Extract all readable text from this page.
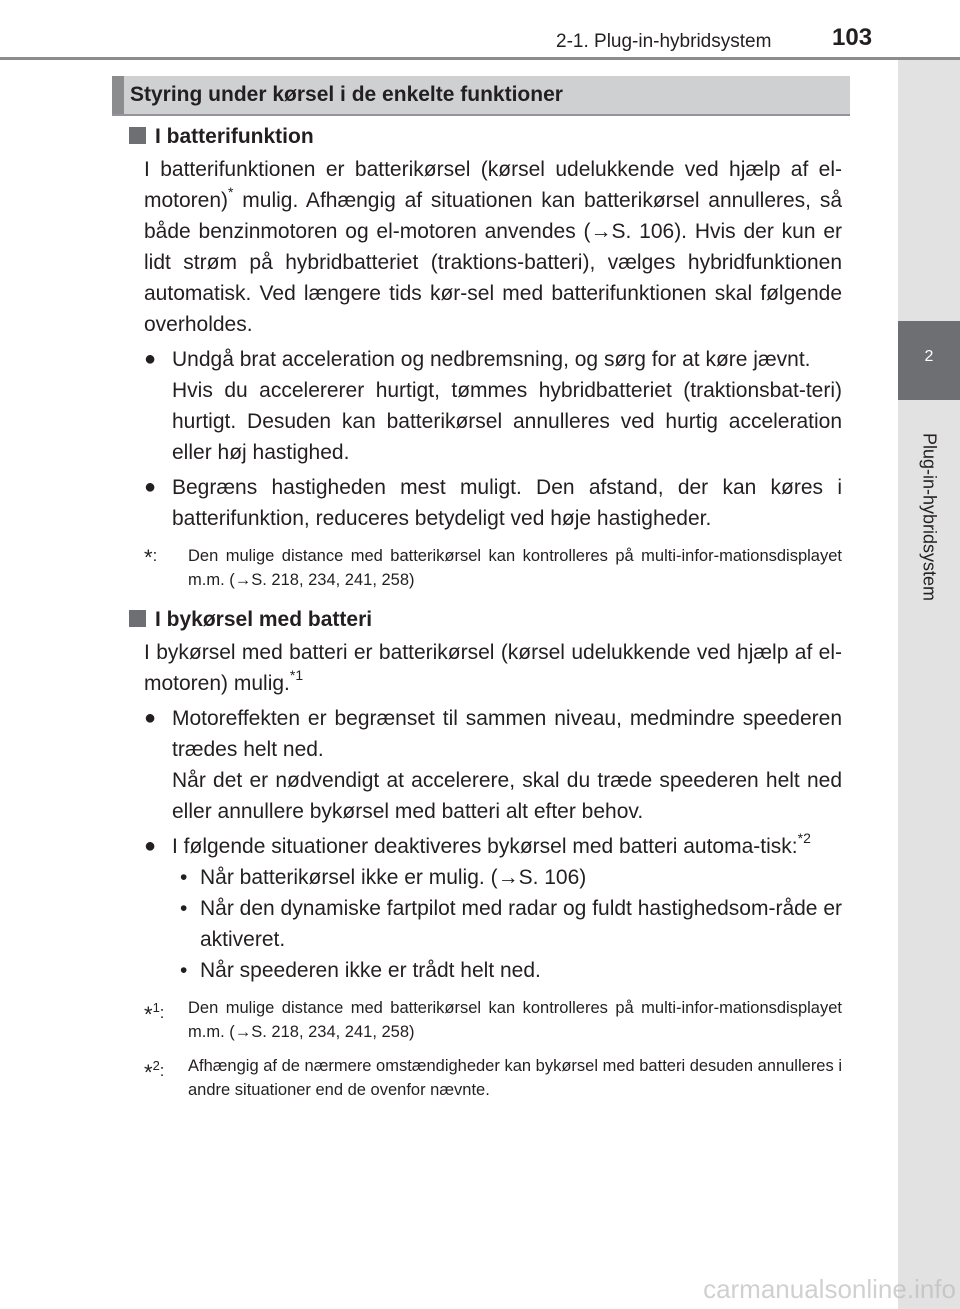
2-1. Plug-in-hybridsystem	103
2
Plug-in-hybridsystem
Styring under kørsel i de enkelte funktioner
I batterifunktion
I batterifunktionen er batterikørsel (kørsel udelukkende ved hjælp af el-motoren)* mulig. Afhængig af situationen kan batterikørsel annulleres, så både benzinmotoren og el-motoren anvendes (→S. 106). Hvis der kun er lidt strøm på hybridbatteriet (traktions-batteri), vælges hybridfunktionen automatisk. Ved længere tids kør-sel med batterifunktionen skal følgende overholdes.
● Undgå brat acceleration og nedbremsning, og sørg for at køre jævnt.
Hvis du accelererer hurtigt, tømmes hybridbatteriet (traktionsbat-teri) hurtigt. Desuden kan batterikørsel annulleres ved hurtig acceleration eller høj hastighed.
● Begræns hastigheden mest muligt. Den afstand, der kan køres i batterifunktion, reduceres betydeligt ved høje hastigheder.
*:	Den mulige distance med batterikørsel kan kontrolleres på multi-infor-mationsdisplayet m.m. (→S. 218, 234, 241, 258)
I bykørsel med batteri
I bykørsel med batteri er batterikørsel (kørsel udelukkende ved hjælp af el-motoren) mulig.$^{*1}$
● Motoreffekten er begrænset til sammen niveau, medmindre speederen trædes helt ned.
Når det er nødvendigt at accelerere, skal du træde speederen helt ned eller annullere bykørsel med batteri alt efter behov.
● I følgende situationer deaktiveres bykørsel med batteri automa-tisk:$^{*2}$
• Når batterikørsel ikke er mulig. (→S. 106)
• Når den dynamiske fartpilot med radar og fuldt hastighedsom-råde er aktiveret.
• Når speederen ikke er trådt helt ned.
$^{*1}$:	Den mulige distance med batterikørsel kan kontrolleres på multi-infor-mationsdisplayet m.m. (→S. 218, 234, 241, 258)
$^{*2}$:	Afhængig af de nærmere omstændigheder kan bykørsel med batteri desuden annulleres i andre situationer end de ovenfor nævnte.
carmanualsonline.info
